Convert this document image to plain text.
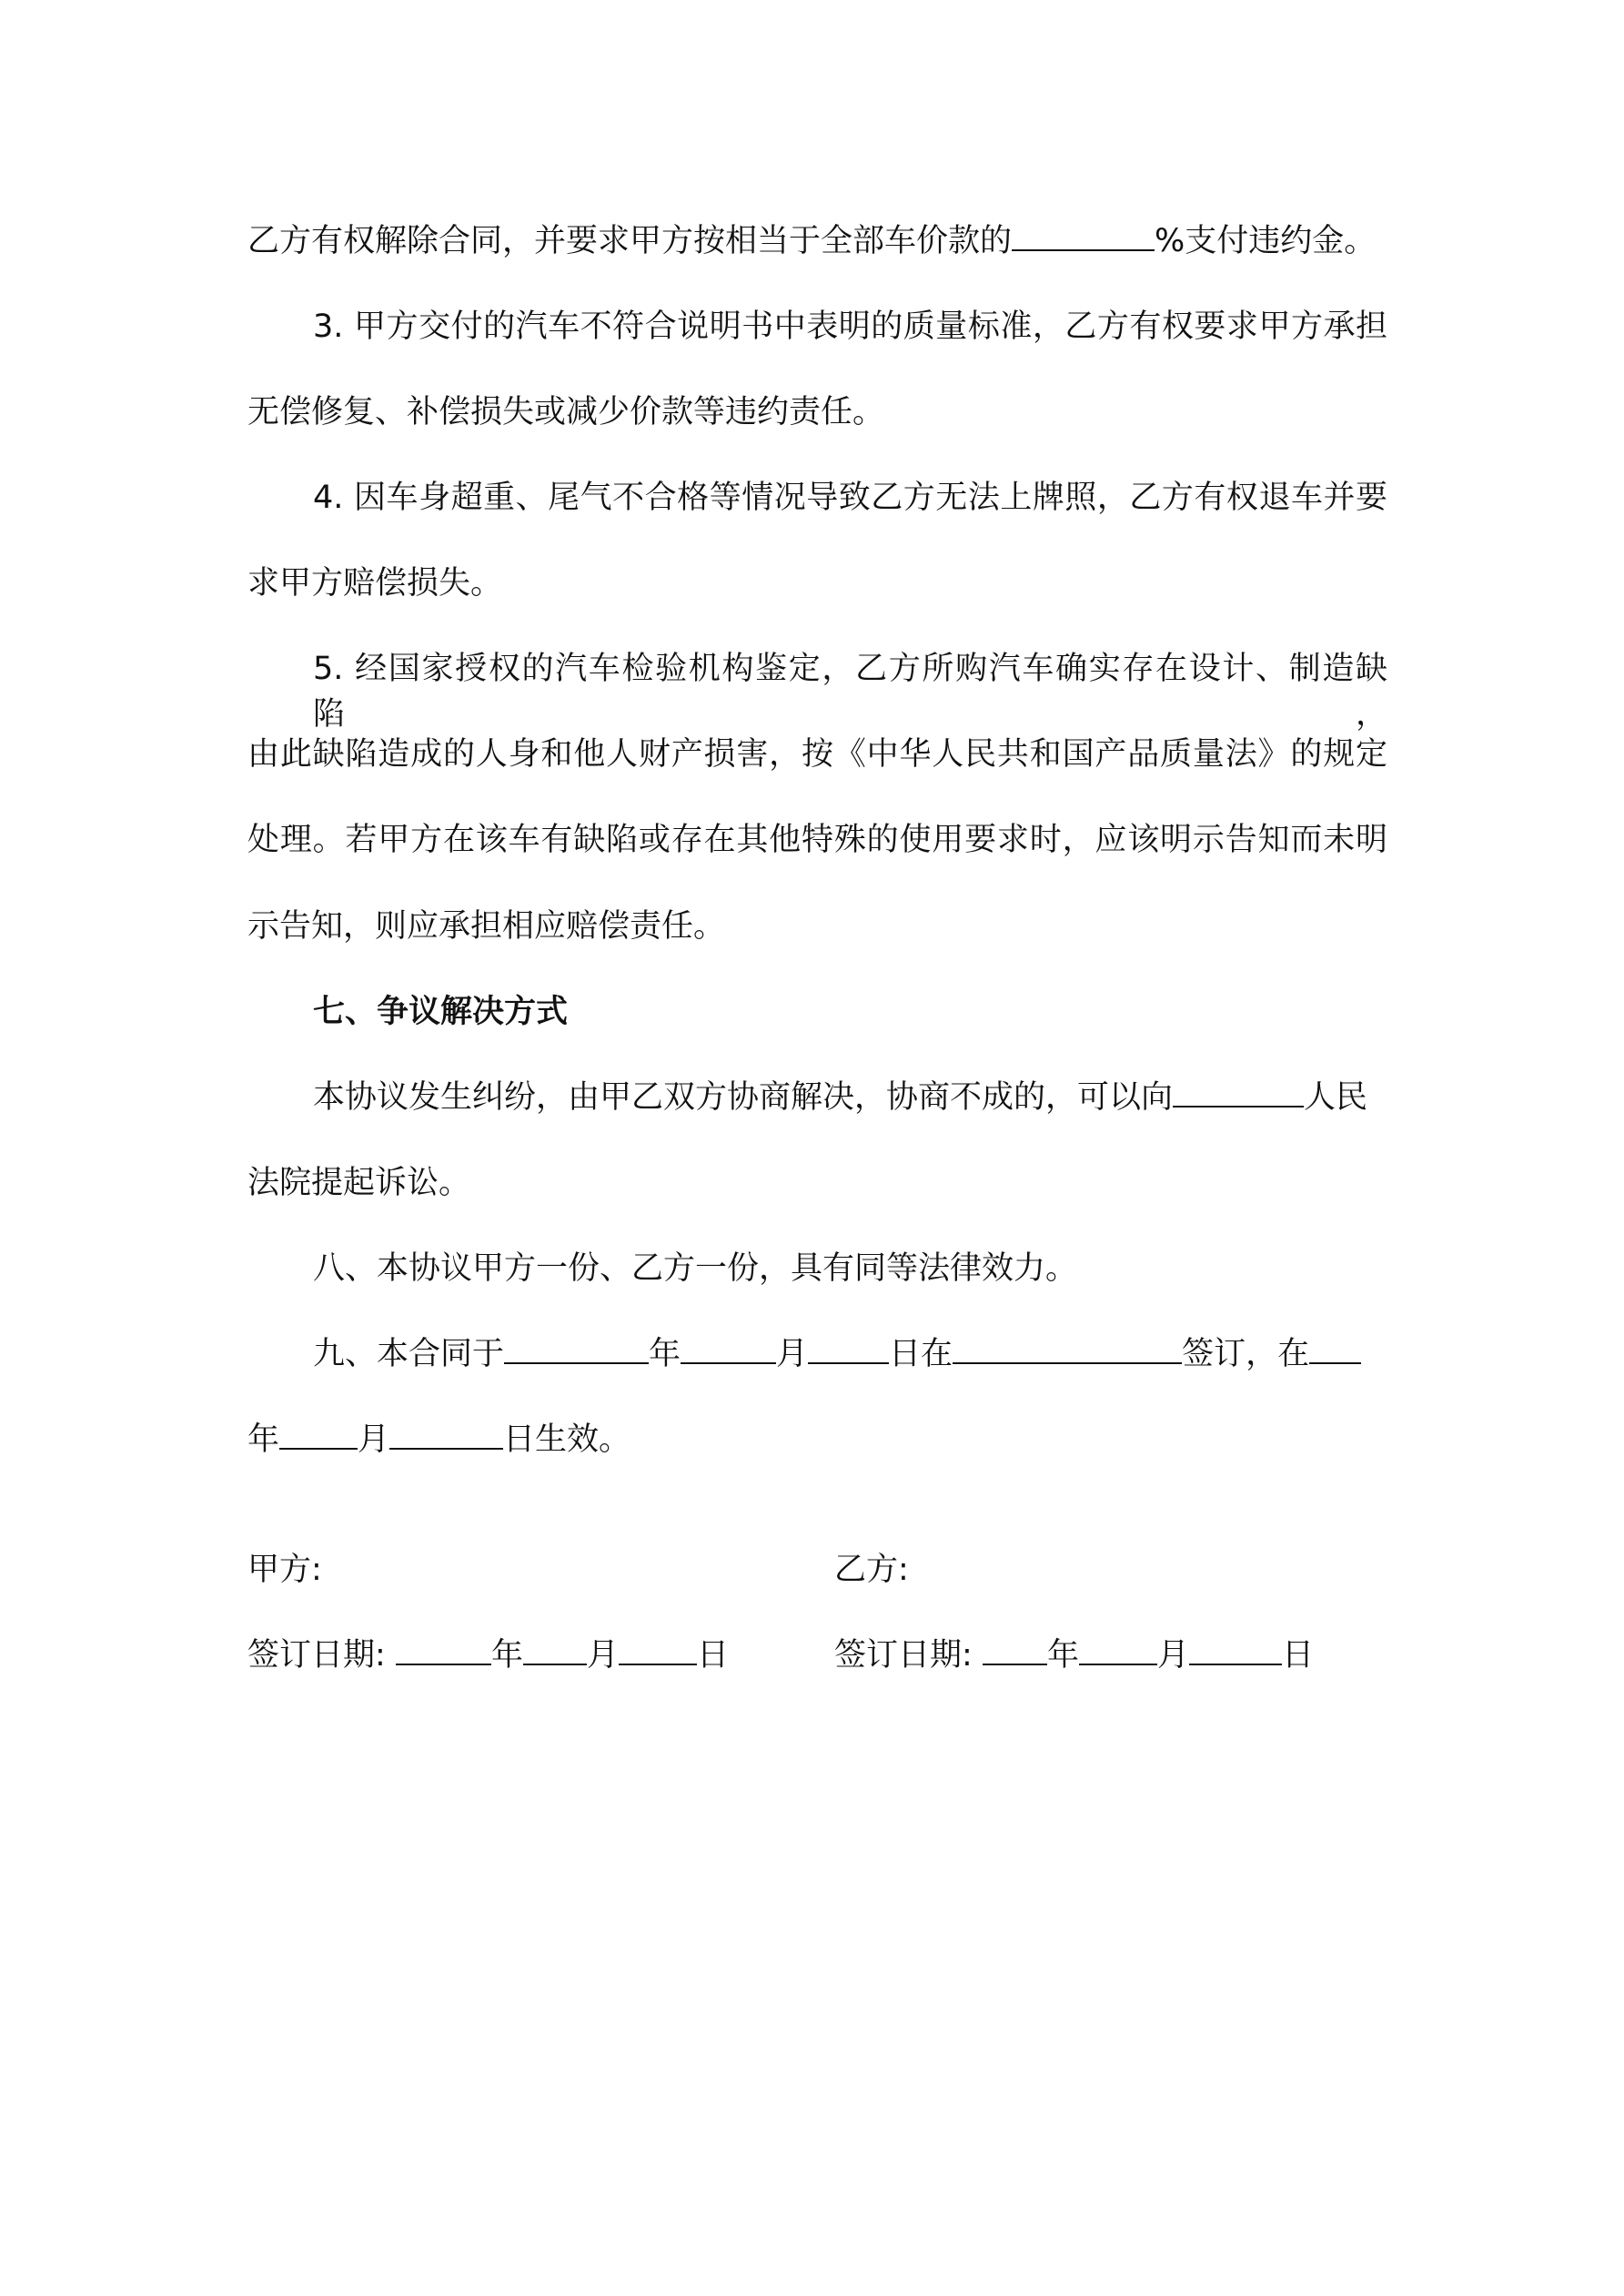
乙方有权解除合同，并要求甲方按相当于全部车价款的	%支付违约金。
3. 甲方交付的汽车不符合说明书中表明的质量标准，乙方有权要求甲方承担
无偿修复、补偿损失或减少价款等违约责任。
4. 因车身超重、尾气不合格等情况导致乙方无法上牌照，乙方有权退车并要
求甲方赔偿损失。
5. 经国家授权的汽车检验机构鉴定，乙方所购汽车确实存在设计、制造缺陷，
由此缺陷造成的人身和他人财产损害，按《中华人民共和国产品质量法》的规定
处理。若甲方在该车有缺陷或存在其他特殊的使用要求时，应该明示告知而未明
示告知，则应承担相应赔偿责任。
七、争议解决方式
本协议发生纠纷，由甲乙双方协商解决，协商不成的，可以向	人民
法院提起诉讼。
八、本协议甲方一份、乙方一份，具有同等法律效力。
九、本合同于	年	月	日在	签订，在
年 月	日生效。
甲方:	乙方:
签订日期:	年 月 日	签订日期: 年 月	日
